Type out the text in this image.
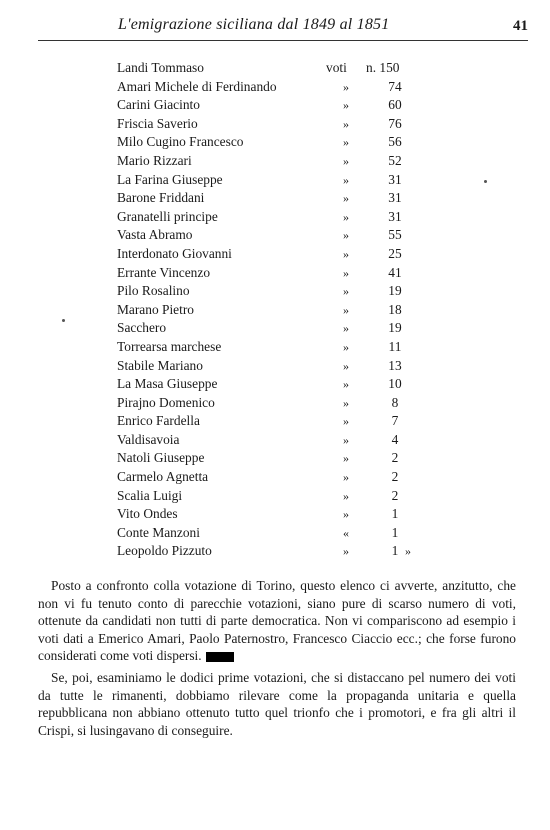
L'emigrazione siciliana dal 1849 al 1851	41
Landi Tommaso	voti n. 150
Amari Michele di Ferdinando	»	74
Carini Giacinto	»	60
Friscia Saverio	»	76
Milo Cugino Francesco	»	56
Mario Rizzari	»	52
La Farina Giuseppe	»	31
Barone Friddani	»	31
Granatelli principe	»	31
Vasta Abramo	»	55
Interdonato Giovanni	»	25
Errante Vincenzo	»	41
Pilo Rosalino	»	19
Marano Pietro	»	18
Sacchero	»	19
Torrearsa marchese	»	11
Stabile Mariano	»	13
La Masa Giuseppe	»	10
Pirajno Domenico	»	8
Enrico Fardella	»	7
Valdisavoia	»	4
Natoli Giuseppe	»	2
Carmelo Agnetta	»	2
Scalia Luigi	»	2
Vito Ondes	»	1
Conte Manzoni	«	1
Leopoldo Pizzuto	»	1 »
Posto a confronto colla votazione di Torino, questo elenco ci avverte, anzitutto, che non vi fu tenuto conto di parecchie votazioni, siano pure di scarso numero di voti, ottenute da candidati non tutti di parte democratica. Non vi compariscono ad esempio i voti dati a Emerico Amari, Paolo Paternostro, Francesco Ciaccio ecc.; che forse furono considerati come voti dispersi.
Se, poi, esaminiamo le dodici prime votazioni, che si distaccano pel numero dei voti da tutte le rimanenti, dobbiamo rilevare come la propaganda unitaria e quella repubblicana non abbiano ottenuto tutto quel trionfo che i promotori, e fra gli altri il Crispi, si lusingavano di conseguire.
